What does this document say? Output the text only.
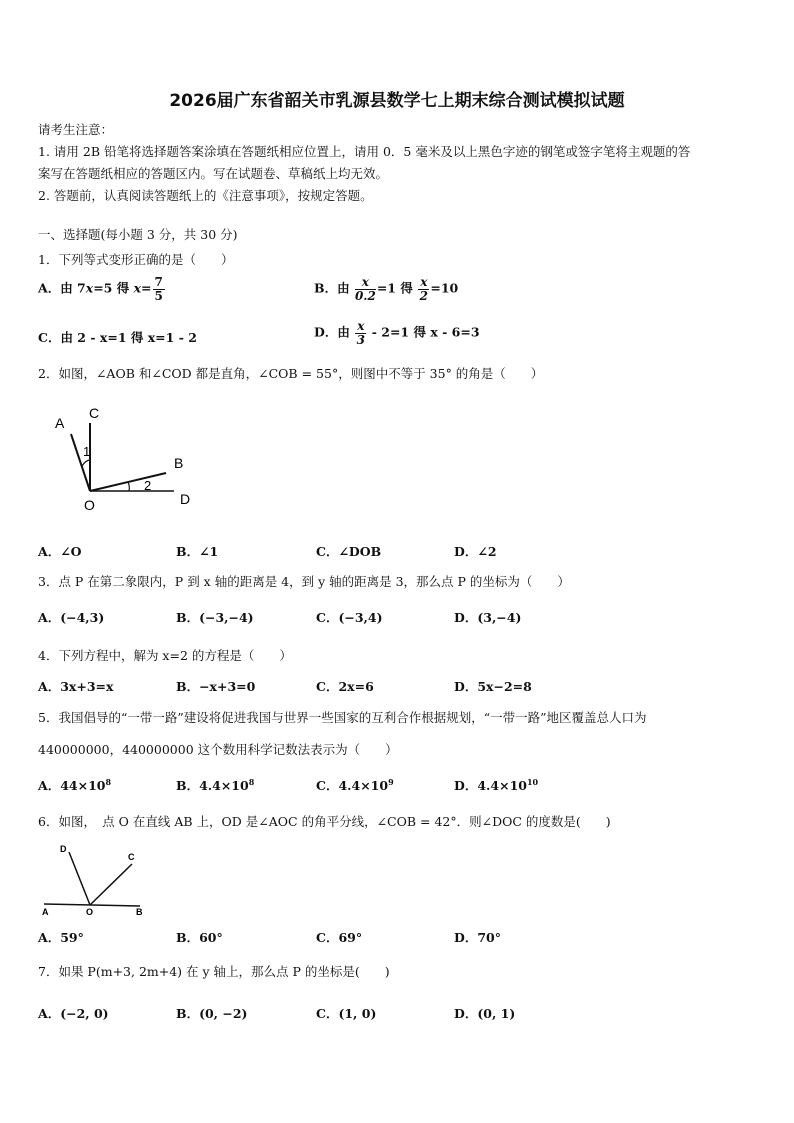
2026届广东省韶关市乳源县数学七上期末综合测试模拟试题
请考生注意：
1. 请用 2B 铅笔将选择题答案涂填在答题纸相应位置上，请用 0．5 毫米及以上黑色字迹的钢笔或签字笔将主观题的答
案写在答题纸相应的答题区内。写在试题卷、草稿纸上均无效。
2. 答题前，认真阅读答题纸上的《注意事项》，按规定答题。
一、选择题(每小题 3 分，共 30 分)
1．下列等式变形正确的是（　　）
A．由 7x=5 得 $x= \frac{7}{5}$	B．由 $\frac{x}{0.2} =1$ 得 $\frac{x}{2} =10$
C．由 2 - x=1 得 x=1 - 2	D．由 $\frac{x}{3} - 2=1$ 得 x - 6=3
2．如图，∠AOB 和∠COD 都是直角，∠COB = 55°，则图中不等于 35° 的角是（　　）
A
C
B
O	D
1
2
A．∠O	B．∠1	C．∠DOB	D．∠2
3．点 P 在第二象限内，P 到 x 轴的距离是 4，到 y 轴的距离是 3，那么点 P 的坐标为（　　）
A．(−4,3)	B．(−3,−4)	C．(−3,4)	D．(3,−4)
4．下列方程中，解为 x=2 的方程是（　　）
A．3x+3=x	B．−x+3=0	C．2x=6	D．5x−2=8
5．我国倡导的“一带一路”建设将促进我国与世界一些国家的互利合作根据规划，“一带一路”地区覆盖总人口为
440000000，440000000 这个数用科学记数法表示为（　　）
A．$44\times 10^8$	B．$4.4\times 10^8$	C．$4.4\times 10^9$	D．$4.4\times 10^{10}$
6．如图，　点 O 在直线 AB 上，OD 是∠AOC 的角平分线，∠COB = 42°．则∠DOC 的度数是(　　)
D
C
A	O	B
A．59°	B．60°	C．69°	D．70°
7．如果 P(m+3, 2m+4) 在 y 轴上，那么点 P 的坐标是(　　)
A．(−2, 0)	B．(0, −2)	C．(1, 0)	D．(0, 1)
